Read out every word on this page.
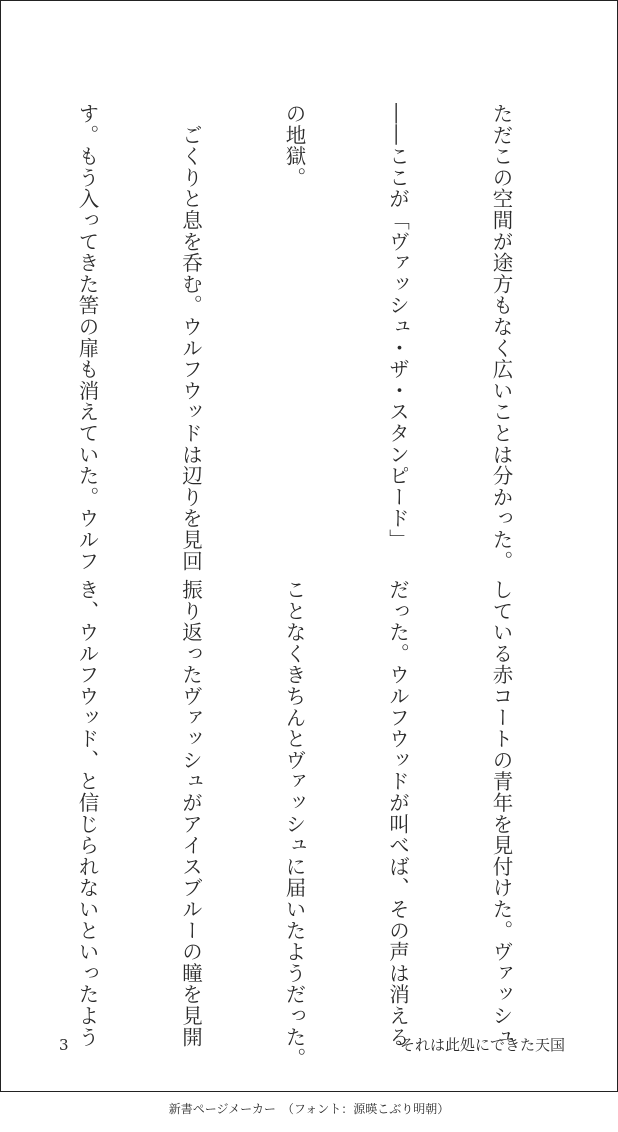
ただこの空間が途方もなく広いことは分かった。

――ここが「ヴァッシュ・ザ・スタンピード」

の地獄。

　ごくりと息を呑む。ウルフウッドは辺りを見回

す。もう入ってきた筈の扉も消えていた。ウルフ

している赤コートの青年を見付けた。ヴァッシュ

だった。ウルフウッドが叫べば、その声は消える

ことなくきちんとヴァッシュに届いたようだった。

振り返ったヴァッシュがアイスブルーの瞳を見開

き、ウルフウッド、と信じられないといったよう

3	それは此処にできた天国
新書ページメーカー　（フォント：源暎こぶり明朝）
